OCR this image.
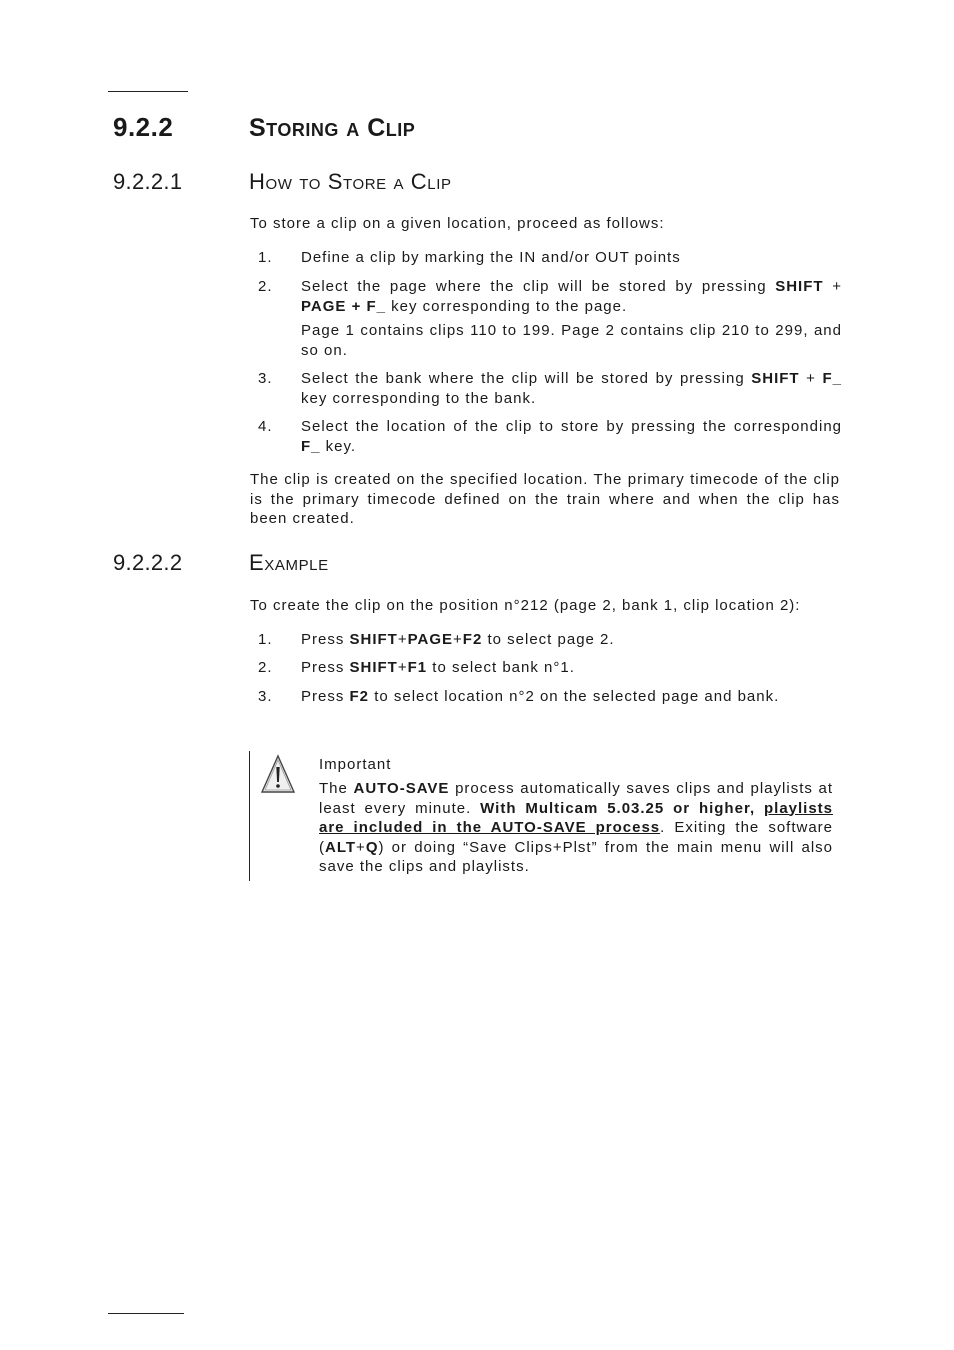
9.2.2	Storing a Clip
9.2.2.1	How to Store a Clip
To store a clip on a given location, proceed as follows:
1. Define a clip by marking the IN and/or OUT points

2. Select the page where the clip will be stored by pressing SHIFT + PAGE + F_ key corresponding to the page.

Page 1 contains clips 110 to 199. Page 2 contains clip 210 to 299, and so on.

3. Select the bank where the clip will be stored by pressing SHIFT + F_ key corresponding to the bank.

4. Select the location of the clip to store by pressing the corresponding F_ key.

The clip is created on the specified location. The primary timecode of the clip is the primary timecode defined on the train where and when the clip has been created.
9.2.2.2	Example
To create the clip on the position n°212 (page 2, bank 1, clip location 2):
1. Press SHIFT+PAGE+F2 to select page 2.

2. Press SHIFT+F1 to select bank n°1.

3. Press F2 to select location n°2 on the selected page and bank.

Important
The AUTO-SAVE process automatically saves clips and playlists at least every minute. With Multicam 5.03.25 or higher, playlists are included in the AUTO-SAVE process. Exiting the software (ALT+Q) or doing “Save Clips+Plst” from the main menu will also save the clips and playlists.
